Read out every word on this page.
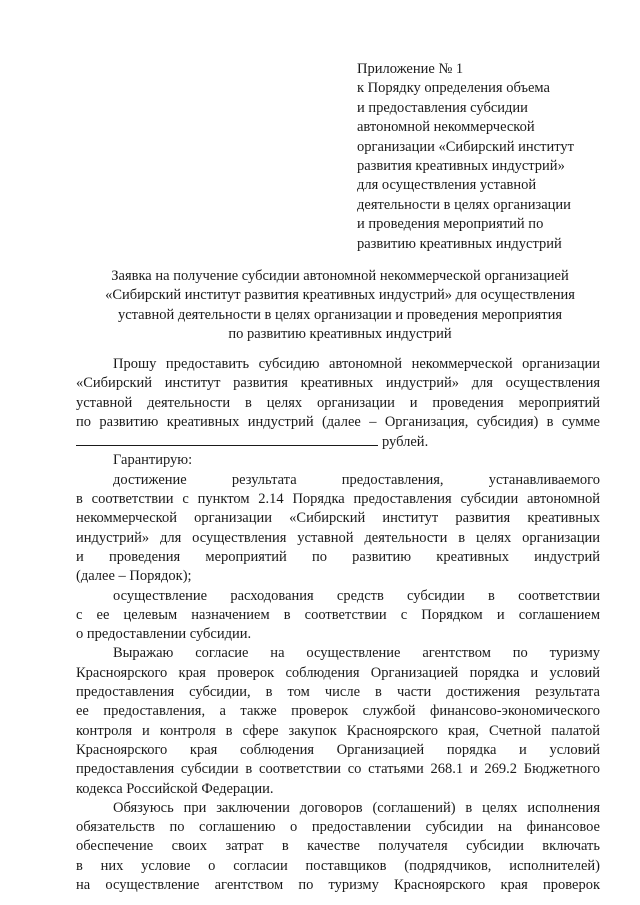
Приложение № 1
к Порядку определения объема
и предоставления субсидии
автономной некоммерческой
организации «Сибирский институт
развития креативных индустрий»
для осуществления уставной
деятельности в целях организации
и проведения мероприятий по
развитию креативных индустрий
Заявка на получение субсидии автономной некоммерческой организацией
«Сибирский институт развития креативных индустрий» для осуществления
уставной деятельности в целях организации и проведения мероприятия
по развитию креативных индустрий
Прошу предоставить субсидию автономной некоммерческой организации
«Сибирский институт развития креативных индустрий» для осуществления
уставной деятельности в целях организации и проведения мероприятий
по развитию креативных индустрий (далее – Организация, субсидия) в сумме
рублей.
Гарантирую:
достижение результата предоставления, устанавливаемого
в соответствии с пунктом 2.14 Порядка предоставления субсидии автономной
некоммерческой организации «Сибирский институт развития креативных
индустрий» для осуществления уставной деятельности в целях организации
и проведения мероприятий по развитию креативных индустрий
(далее – Порядок);
осуществление расходования средств субсидии в соответствии
с ее целевым назначением в соответствии с Порядком и соглашением
о предоставлении субсидии.
Выражаю согласие на осуществление агентством по туризму
Красноярского края проверок соблюдения Организацией порядка и условий
предоставления субсидии, в том числе в части достижения результата
ее предоставления, а также проверок службой финансово-экономического
контроля и контроля в сфере закупок Красноярского края, Счетной палатой
Красноярского края соблюдения Организацией порядка и условий
предоставления субсидии в соответствии со статьями 268.1 и 269.2 Бюджетного
кодекса Российской Федерации.
Обязуюсь при заключении договоров (соглашений) в целях исполнения
обязательств по соглашению о предоставлении субсидии на финансовое
обеспечение своих затрат в качестве получателя субсидии включать
в них условие о согласии поставщиков (подрядчиков, исполнителей)
на осуществление агентством по туризму Красноярского края проверок
